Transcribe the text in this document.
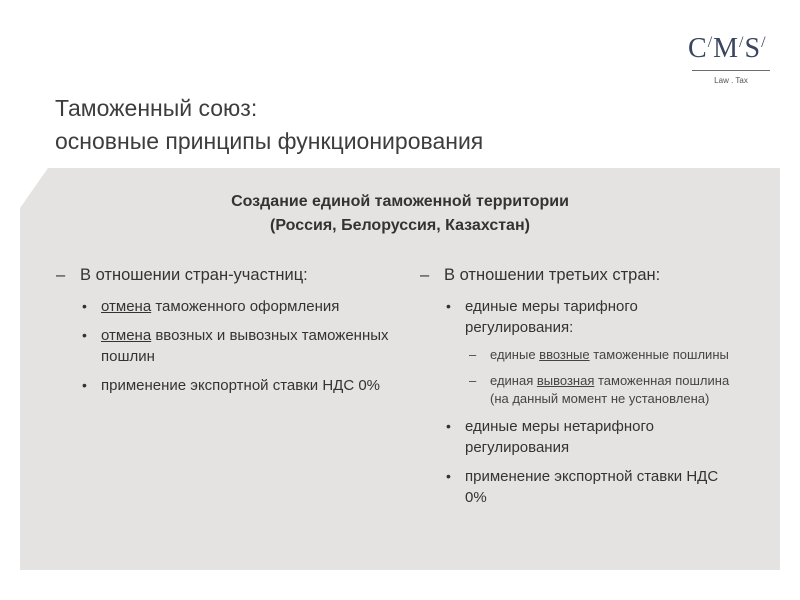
C/M/S/
Law . Tax
Таможенный союз:
основные принципы функционирования
Создание единой таможенной территории
(Россия, Белоруссия, Казахстан)
– В отношении стран-участниц:
• отмена таможенного оформления
• отмена ввозных и вывозных таможенных пошлин
• применение экспортной ставки НДС 0%
– В отношении третьих стран:
• единые меры тарифного регулирования:
– единые ввозные таможенные пошлины
– единая вывозная таможенная пошлина (на данный момент не установлена)
• единые меры нетарифного регулирования
• применение экспортной ставки НДС 0%
